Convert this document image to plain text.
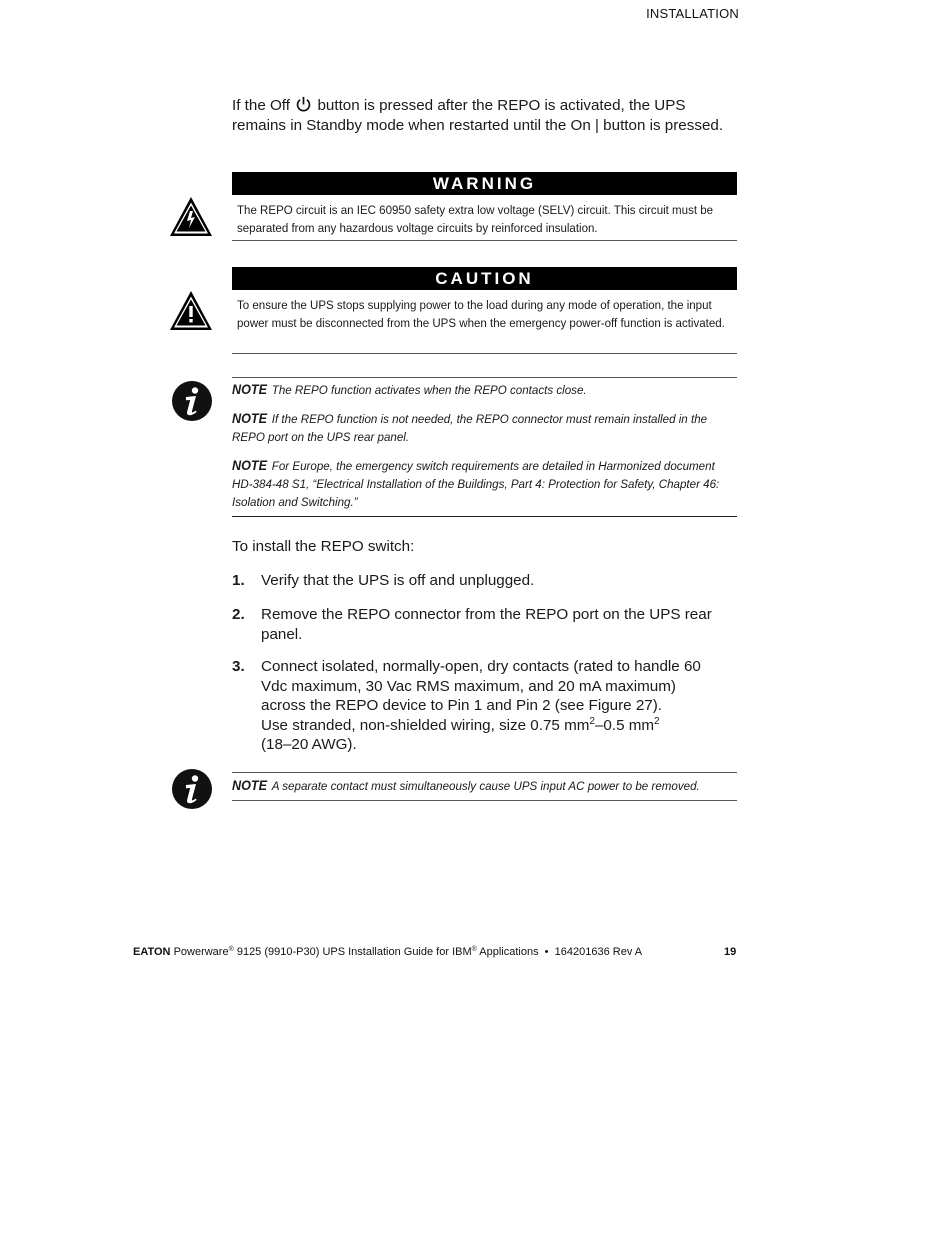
INSTALLATION
If the Off button is pressed after the REPO is activated, the UPS remains in Standby mode when restarted until the On | button is pressed.
WARNING
The REPO circuit is an IEC 60950 safety extra low voltage (SELV) circuit. This circuit must be separated from any hazardous voltage circuits by reinforced insulation.
CAUTION
To ensure the UPS stops supplying power to the load during any mode of operation, the input power must be disconnected from the UPS when the emergency power-off function is activated.

NOTE The REPO function activates when the REPO contacts close.

NOTE If the REPO function is not needed, the REPO connector must remain installed in the REPO port on the UPS rear panel.

NOTE For Europe, the emergency switch requirements are detailed in Harmonized document HD-384-48 S1, “Electrical Installation of the Buildings, Part 4: Protection for Safety, Chapter 46: Isolation and Switching.”

To install the REPO switch:
1. Verify that the UPS is off and unplugged.
2. Remove the REPO connector from the REPO port on the UPS rear panel.
3. Connect isolated, normally-open, dry contacts (rated to handle 60 Vdc maximum, 30 Vac RMS maximum, and 20 mA maximum) across the REPO device to Pin 1 and Pin 2 (see Figure 27).
Use stranded, non-shielded wiring, size 0.75 $mm^2-0.5$ $mm^2$
(18–20 AWG).
NOTE A separate contact must simultaneously cause UPS input AC power to be removed.
EATON Powerware® 9125 (9910-P30) UPS Installation Guide for IBM® Applications  •  164201636 Rev A	19
